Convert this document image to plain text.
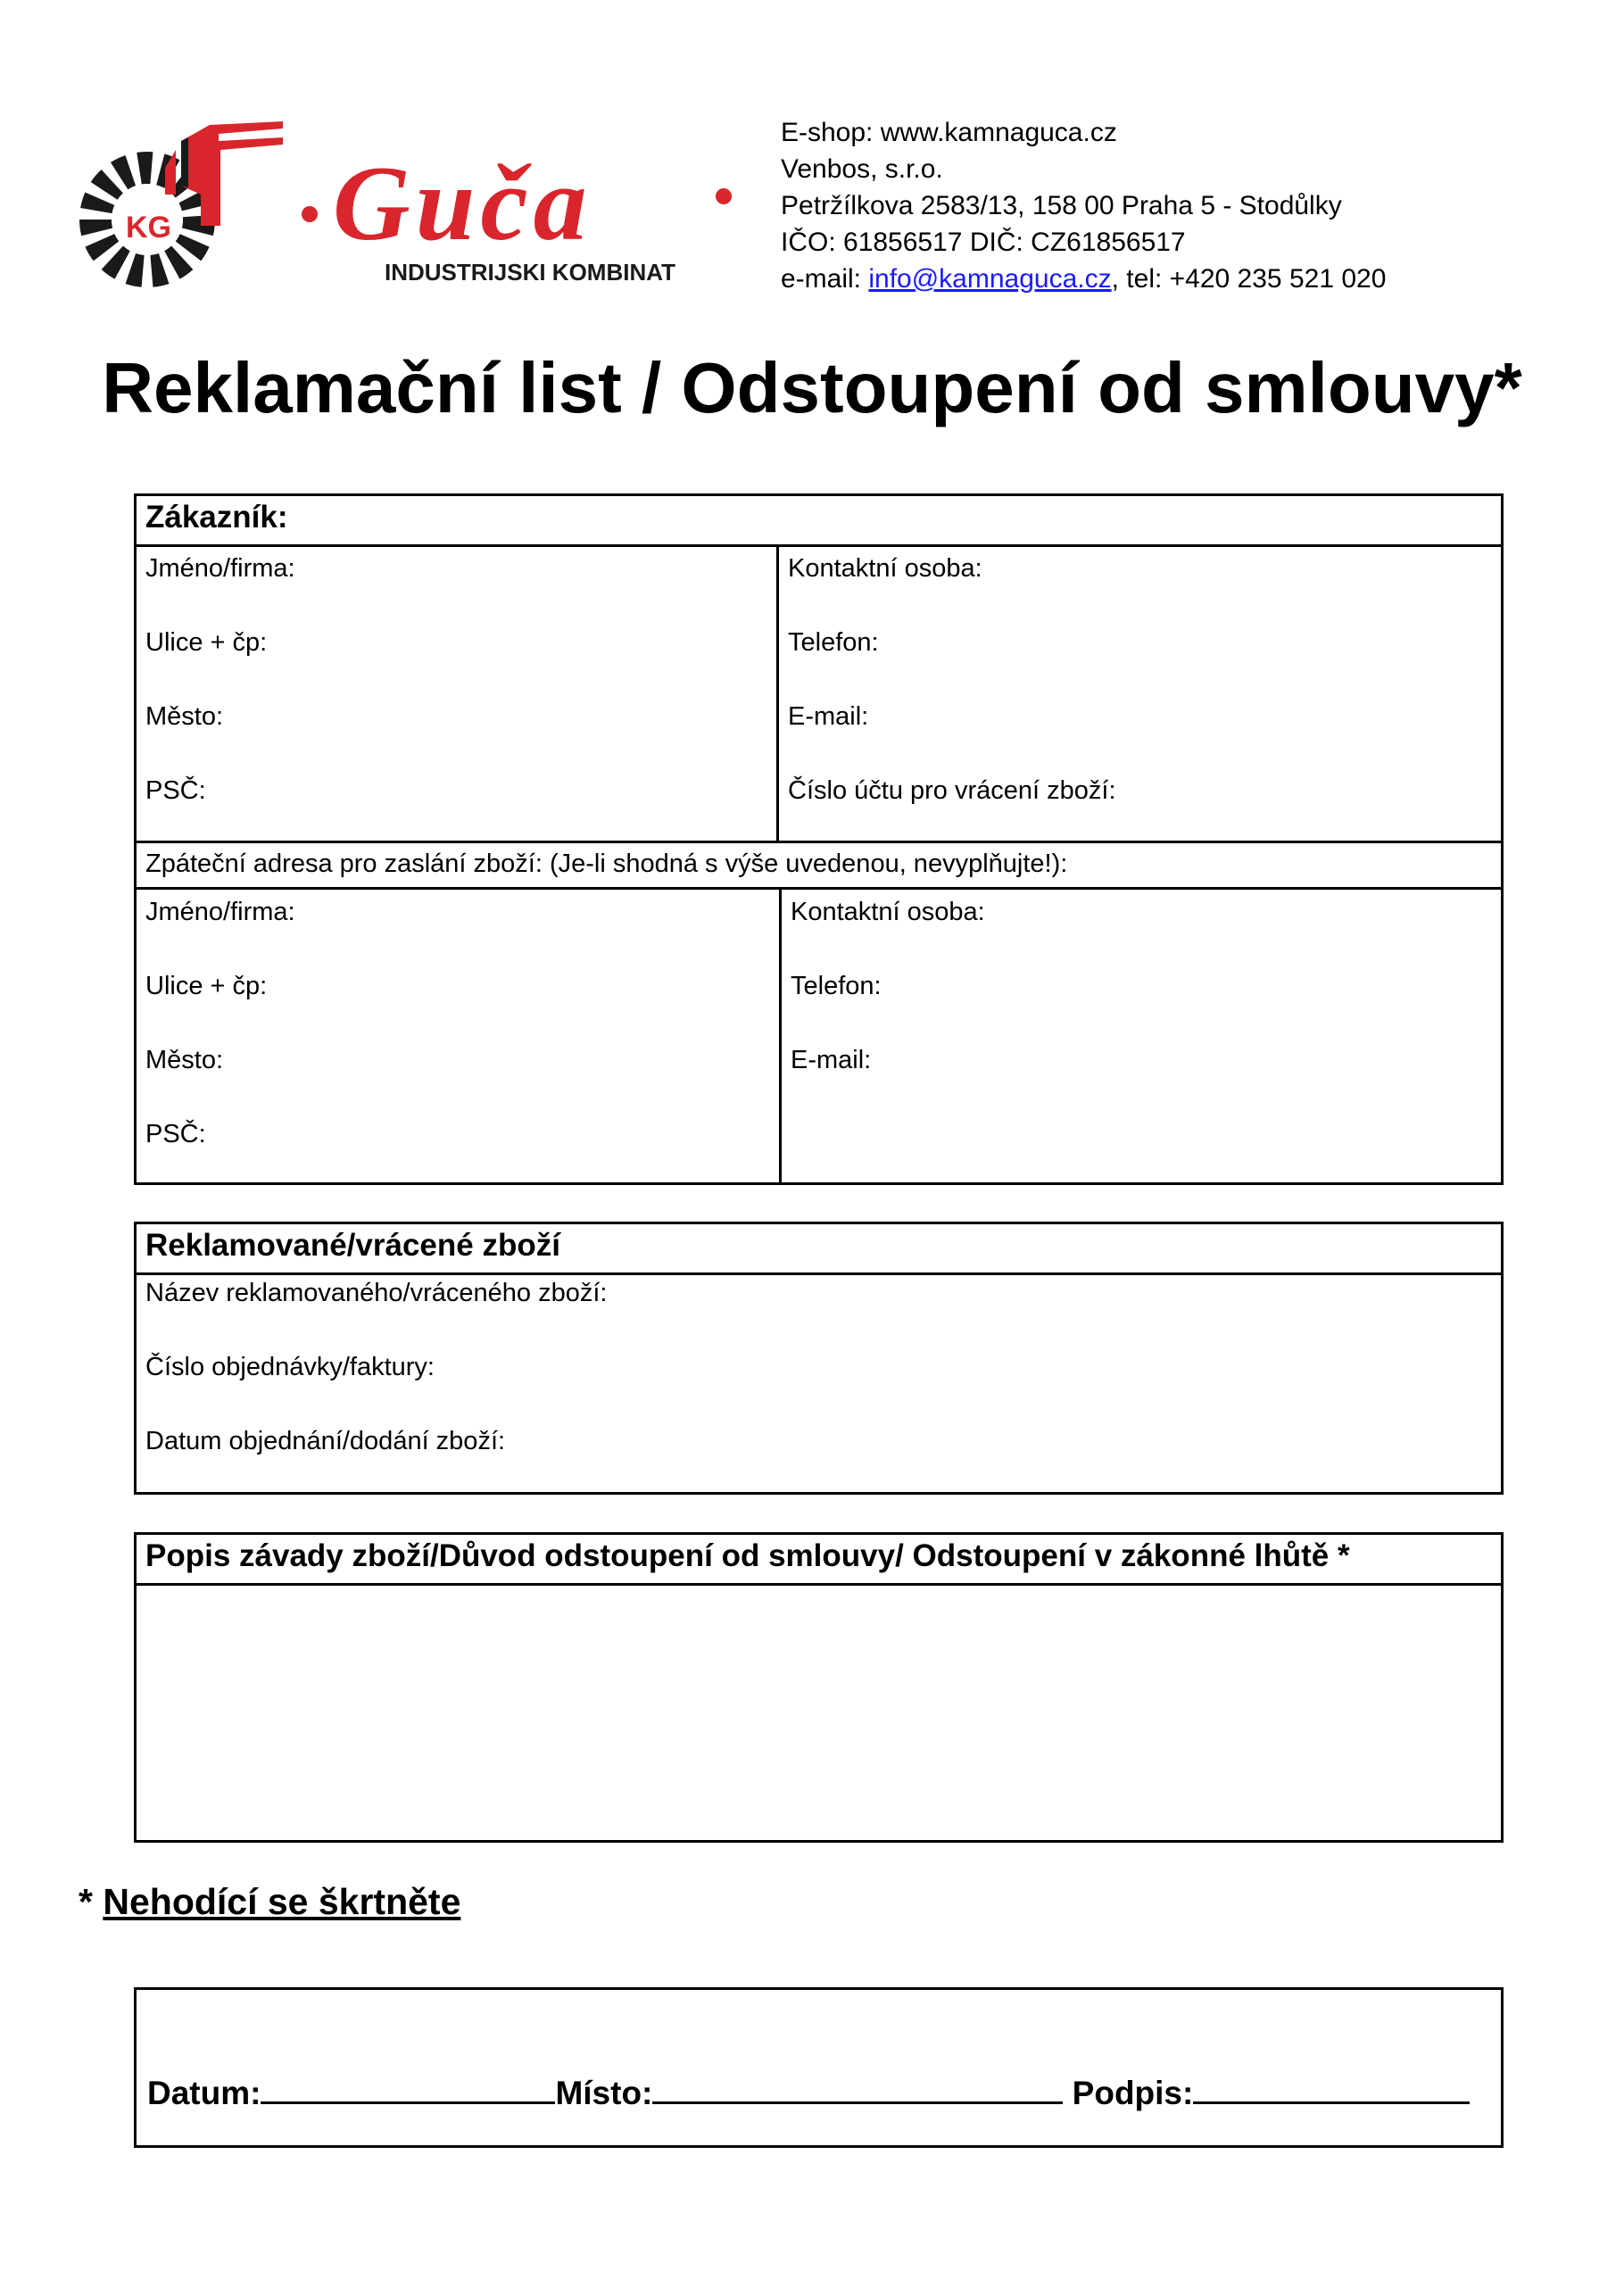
KG Guča
INDUSTRIJSKI KOMBINAT
E-shop: www.kamnaguca.cz
Venbos, s.r.o.
Petržílkova 2583/13, 158 00 Praha 5 - Stodůlky
IČO: 61856517 DIČ: CZ61856517
e-mail: info@kamnaguca.cz, tel: +420 235 521 020
Reklamační list / Odstoupení od smlouvy*
Zákazník:
Jméno/firma:
Ulice + čp:
Město:
PSČ:
Kontaktní osoba:
Telefon:
E-mail:
Číslo účtu pro vrácení zboží:
Zpáteční adresa pro zaslání zboží: (Je-li shodná s výše uvedenou, nevyplňujte!):
Jméno/firma:
Ulice + čp:
Město:
PSČ:
Kontaktní osoba:
Telefon:
E-mail:
Reklamované/vrácené zboží
Název reklamovaného/vráceného zboží:
Číslo objednávky/faktury:
Datum objednání/dodání zboží:
Popis závady zboží/Důvod odstoupení od smlouvy/ Odstoupení v zákonné lhůtě *
* Nehodící se škrtněte
Datum:	Místo:	Podpis:
